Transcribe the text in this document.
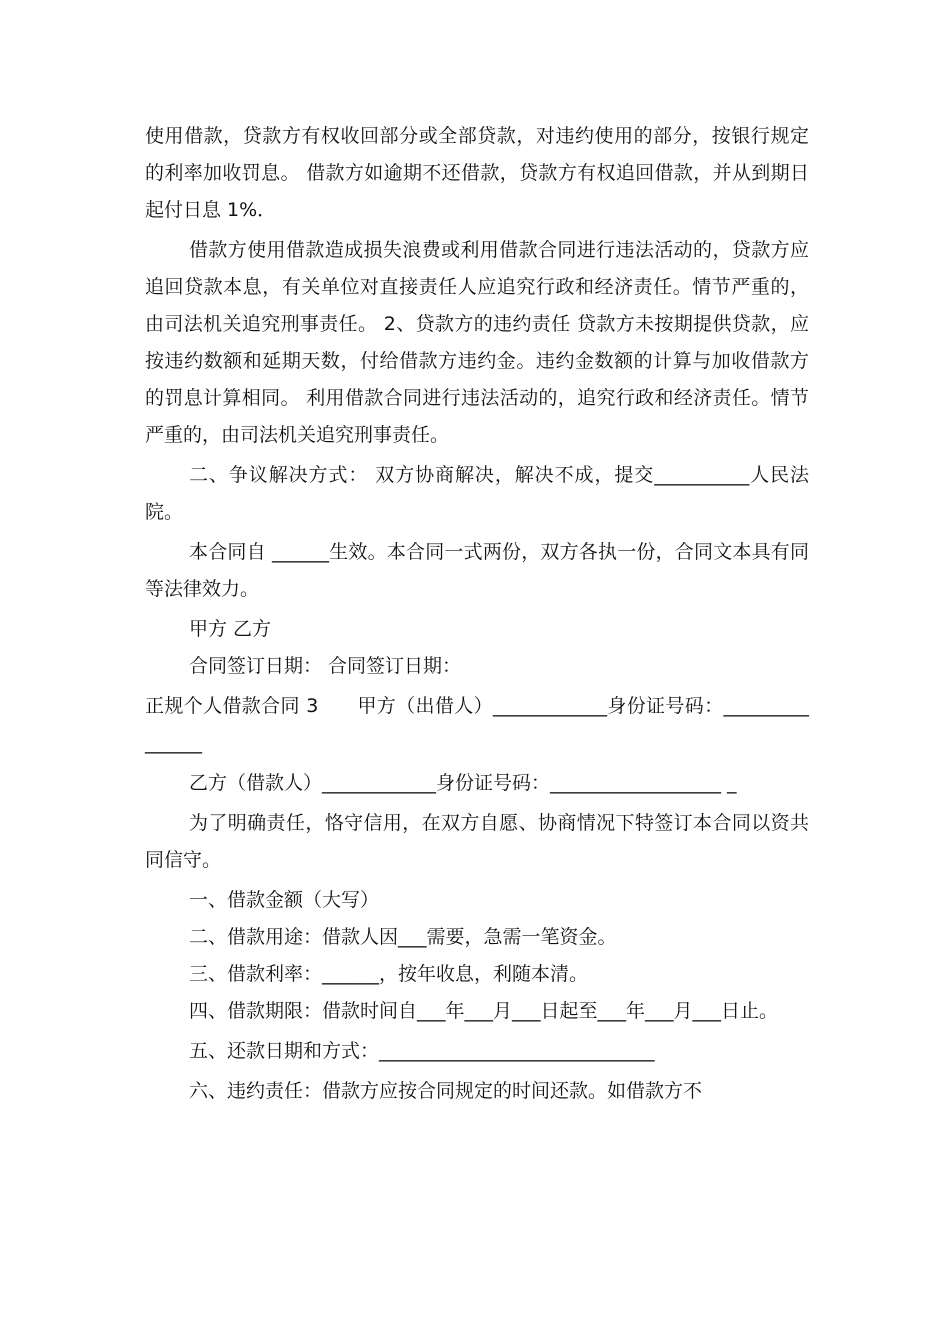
使用借款，贷款方有权收回部分或全部贷款，对违约使用的部分，按银行规定的利率加收罚息。 借款方如逾期不还借款，贷款方有权追回借款，并从到期日起付日息 1%．

借款方使用借款造成损失浪费或利用借款合同进行违法活动的，贷款方应追回贷款本息，有关单位对直接责任人应追究行政和经济责任。情节严重的，由司法机关追究刑事责任。 2、贷款方的违约责任 贷款方未按期提供贷款，应按违约数额和延期天数，付给借款方违约金。违约金数额的计算与加收借款方的罚息计算相同。 利用借款合同进行违法活动的，追究行政和经济责任。情节严重的，由司法机关追究刑事责任。

二、争议解决方式： 双方协商解决，解决不成，提交__________人民法院。

本合同自 ______生效。本合同一式两份，双方各执一份，合同文本具有同等法律效力。

甲方 乙方

合同签订日期： 合同签订日期：

正规个人借款合同 3　　甲方（出借人）____________身份证号码：_______________

乙方（借款人）____________身份证号码：__________________ _

为了明确责任，恪守信用，在双方自愿、协商情况下特签订本合同以资共同信守。

一、借款金额（大写）

二、借款用途：借款人因___需要，急需一笔资金。

三、借款利率：______，按年收息，利随本清。

四、借款期限：借款时间自___年___月___日起至___年___月___日止。

五、还款日期和方式：_____________________________

六、违约责任：借款方应按合同规定的时间还款。如借款方不
